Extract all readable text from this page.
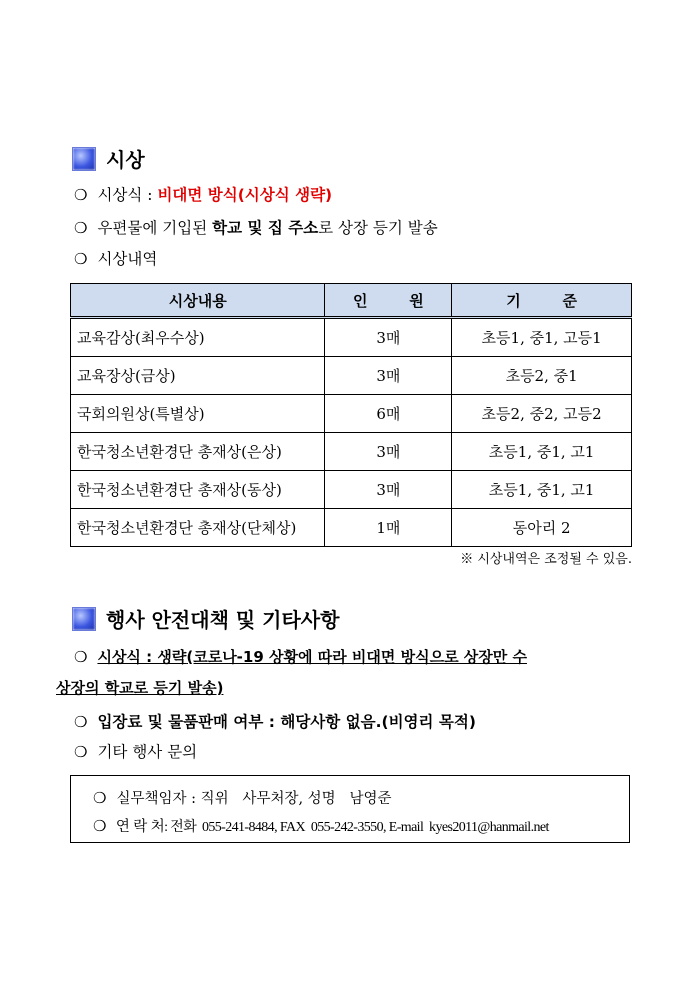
시상
❍ 시상식 : 비대면 방식(시상식 생략)
❍ 우편물에 기입된 학교 및 집 주소로 상장 등기 발송
❍ 시상내역
시상내용	인        원	기        준
교육감상(최우수상)	3매	초등1, 중1, 고등1
교육장상(금상)	3매	초등2, 중1
국회의원상(특별상)	6매	초등2, 중2, 고등2
한국청소년환경단 총재상(은상)	3매	초등1, 중1, 고1
한국청소년환경단 총재상(동상)	3매	초등1, 중1, 고1
한국청소년환경단 총재상(단체상)	1매	동아리 2
※ 시상내역은 조정될 수 있음.
행사 안전대책 및 기타사항
❍ 시상식 : 생략(코로나-19 상황에 따라 비대면 방식으로 상장만 수
상장의 학교로 등기 발송)
❍ 입장료 및 물품판매 여부 : 해당사항 없음.(비영리 목적)
❍ 기타 행사 문의
❍ 실무책임자 : 직위   사무처장, 성명   남영준
❍ 연 락 처: 전화  055-241-8484, FAX  055-242-3550, E-mail  kyes2011@hanmail.net
